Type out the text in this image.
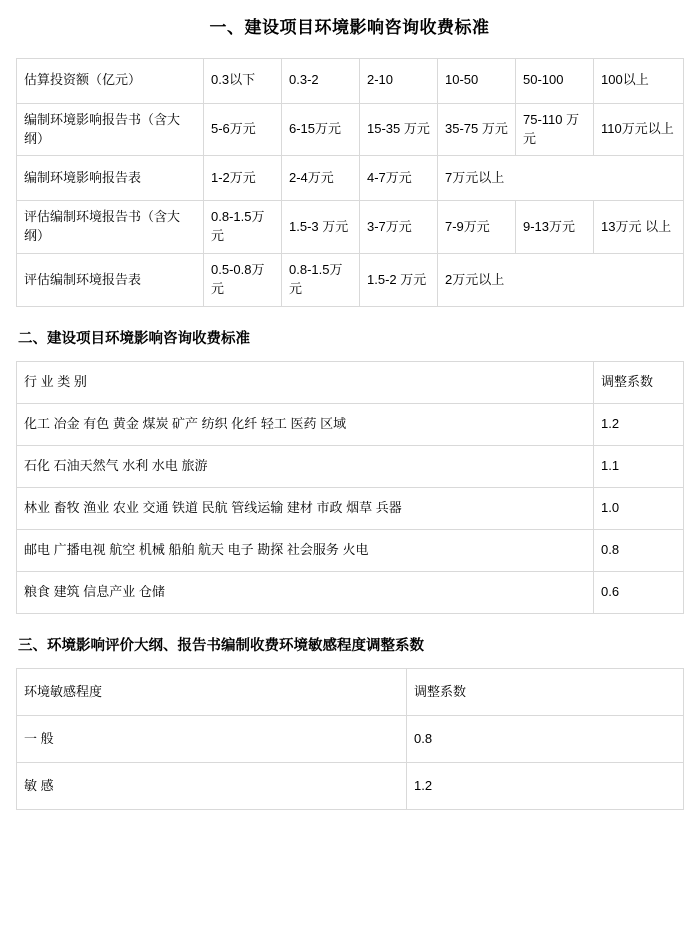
一、建设项目环境影响咨询收费标准
估算投资额（亿元）	0.3以下	0.3-2	2-10	10-50	50-100	100以上
编制环境影响报告书（含大纲）	5-6万元	6-15万元	15-35 万元	35-75 万元	75-110 万元	110万元以上
编制环境影响报告表	1-2万元	2-4万元	4-7万元	7万元以上		
评估编制环境报告书（含大纲）	0.8-1.5万元	1.5-3 万元	3-7万元	7-9万元	9-13万元	13万元 以上
评估编制环境报告表	0.5-0.8万元	0.8-1.5万元	1.5-2 万元	2万元以上		
二、建设项目环境影响咨询收费标准
行 业 类 别	调整系数
化工 冶金 有色 黄金 煤炭 矿产 纺织 化纤 轻工 医药 区域	1.2
石化 石油天然气 水利 水电 旅游	1.1
林业 畜牧 渔业 农业 交通 铁道 民航 管线运输 建材 市政 烟草 兵器	1.0
邮电 广播电视 航空 机械 船舶 航天 电子 勘探 社会服务 火电	0.8
粮食 建筑 信息产业 仓储	0.6
三、环境影响评价大纲、报告书编制收费环境敏感程度调整系数
环境敏感程度	调整系数
一 般	0.8
敏 感	1.2
